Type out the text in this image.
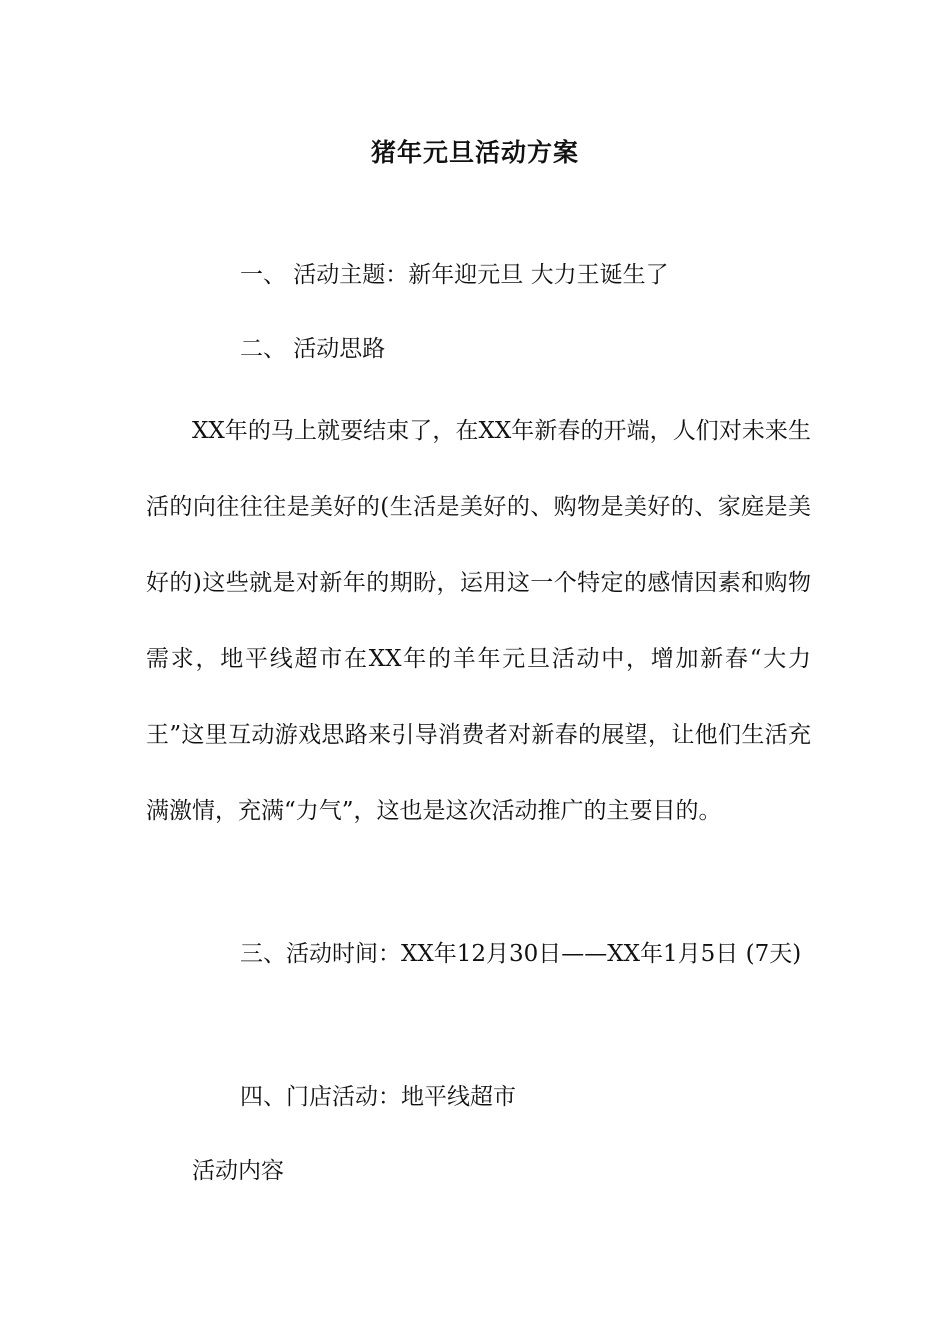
猪年元旦活动方案
一、 活动主题：新年迎元旦 大力王诞生了
二、 活动思路

XX年的马上就要结束了，在XX年新春的开端，人们对未来生活的向往往往是美好的(生活是美好的、购物是美好的、家庭是美好的)这些就是对新年的期盼，运用这一个特定的感情因素和购物需求，地平线超市在XX年的羊年元旦活动中，增加新春“大力王”这里互动游戏思路来引导消费者对新春的展望，让他们生活充满激情，充满“力气”，这也是这次活动推广的主要目的。

三、活动时间：XX年12月30日——XX年1月5日 (7天)

四、门店活动：地平线超市
活动内容
